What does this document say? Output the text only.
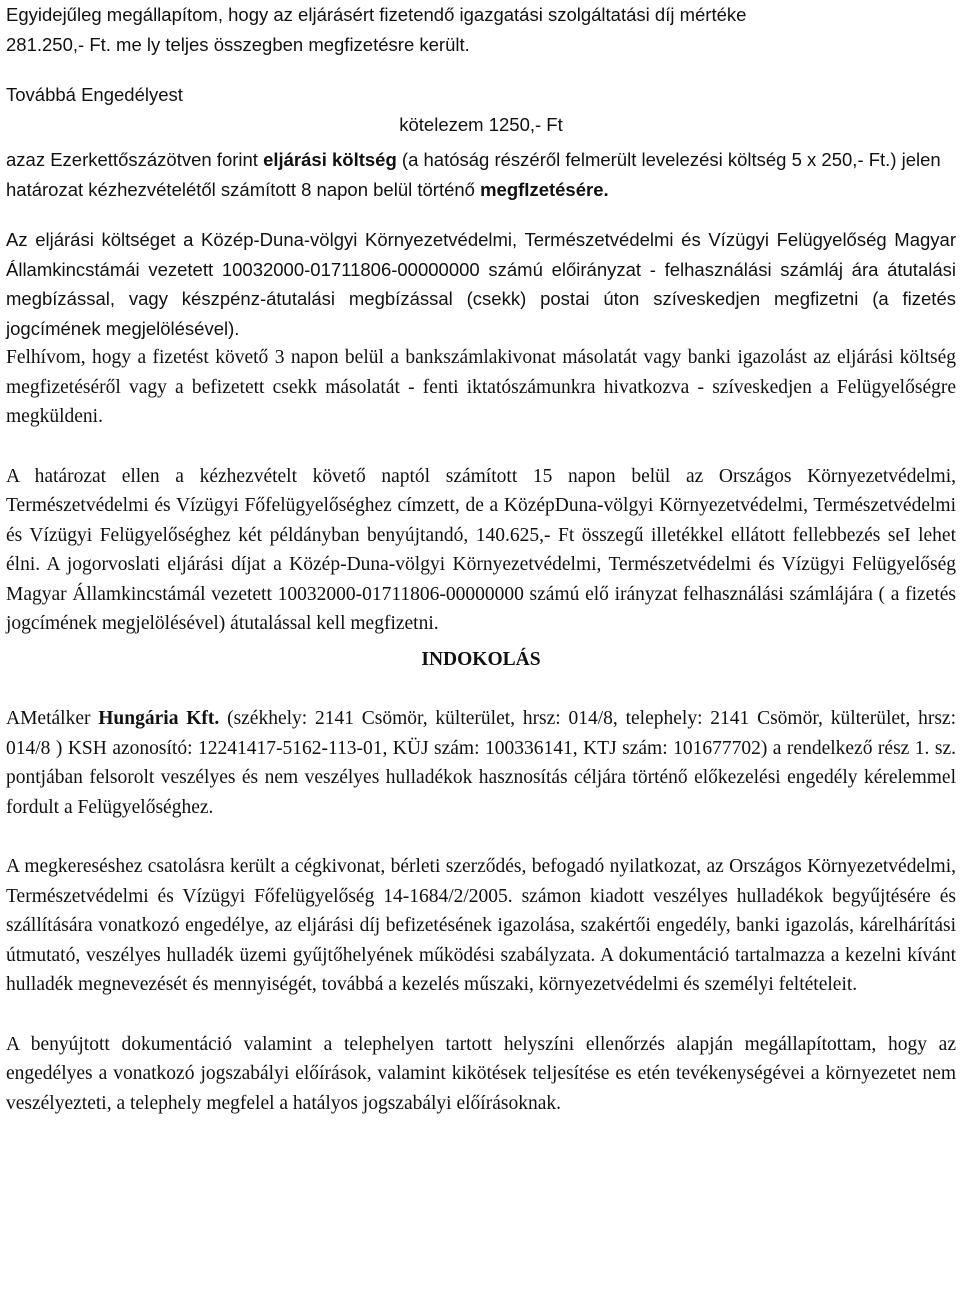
Egyidejűleg megállapítom, hogy az eljárásért fizetendő igazgatási szolgáltatási díj mértéke

281.250,- Ft. me ly teljes összegben megfizetésre került.

Továbbá Engedélyest

kötelezem 1250,- Ft

azaz Ezerkettőszázötven forint eljárási költség (a hatóság részéről felmerült levelezési költség 5 x 250,- Ft.) jelen határozat kézhezvételétől számított 8 napon belül történő megfIzetésére.

Az eljárási költséget a Közép-Duna-völgyi Környezetvédelmi, Természetvédelmi és Vízügyi Felügyelőség Magyar Államkincstámái vezetett 10032000-01711806-00000000 számú előirányzat - felhasználási számláj ára átutalási megbízással, vagy készpénz-átutalási megbízással (csekk) postai úton szíveskedjen megfizetni (a fizetés jogcímének megjelölésével).

Felhívom, hogy a fizetést követő 3 napon belül a bankszámlakivonat másolatát vagy banki igazolást az eljárási költség megfizetéséről vagy a befizetett csekk másolatát - fenti iktatószámunkra hivatkozva - szíveskedjen a Felügyelőségre megküldeni.

A határozat ellen a kézhezvételt követő naptól számított 15 napon belül az Országos Környezetvédelmi, Természetvédelmi és Vízügyi Főfelügyelőséghez címzett, de a KözépDuna-völgyi Környezetvédelmi, Természetvédelmi és Vízügyi Felügyelőséghez két példányban benyújtandó, 140.625,- Ft összegű illetékkel ellátott fellebbezés seI lehet élni. A jogorvoslati eljárási díjat a Közép-Duna-völgyi Környezetvédelmi, Természetvédelmi és Vízügyi Felügyelőség Magyar Államkincstámál vezetett 10032000-01711806-00000000 számú elő irányzat felhasználási számlájára ( a fizetés jogcímének megjelölésével) átutalással kell megfizetni.

INDOKOLÁS

AMetálker Hungária Kft. (székhely: 2141 Csömör, külterület, hrsz: 014/8, telephely: 2141 Csömör, külterület, hrsz: 014/8 ) KSH azonosító: 12241417-5162-113-01, KÜJ szám: 100336141, KTJ szám: 101677702) a rendelkező rész 1. sz. pontjában felsorolt veszélyes és nem veszélyes hulladékok hasznosítás céljára történő előkezelési engedély kérelemmel fordult a Felügyelőséghez.

A megkereséshez csatolásra került a cégkivonat, bérleti szerződés, befogadó nyilatkozat, az Országos Környezetvédelmi, Természetvédelmi és Vízügyi Főfelügyelőség 14-1684/2/2005. számon kiadott veszélyes hulladékok begyűjtésére és szállítására vonatkozó engedélye, az eljárási díj befizetésének igazolása, szakértői engedély, banki igazolás, kárelhárítási útmutató, veszélyes hulladék üzemi gyűjtőhelyének működési szabályzata. A dokumentáció tartalmazza a kezelni kívánt hulladék megnevezését és mennyiségét, továbbá a kezelés műszaki, környezetvédelmi és személyi feltételeit.

A benyújtott dokumentáció valamint a telephelyen tartott helyszíni ellenőrzés alapján megállapítottam, hogy az engedélyes a vonatkozó jogszabályi előírások, valamint kikötések teljesítése es etén tevékenységévei a környezetet nem veszélyezteti, a telephely megfelel a hatályos jogszabályi előírásoknak.
